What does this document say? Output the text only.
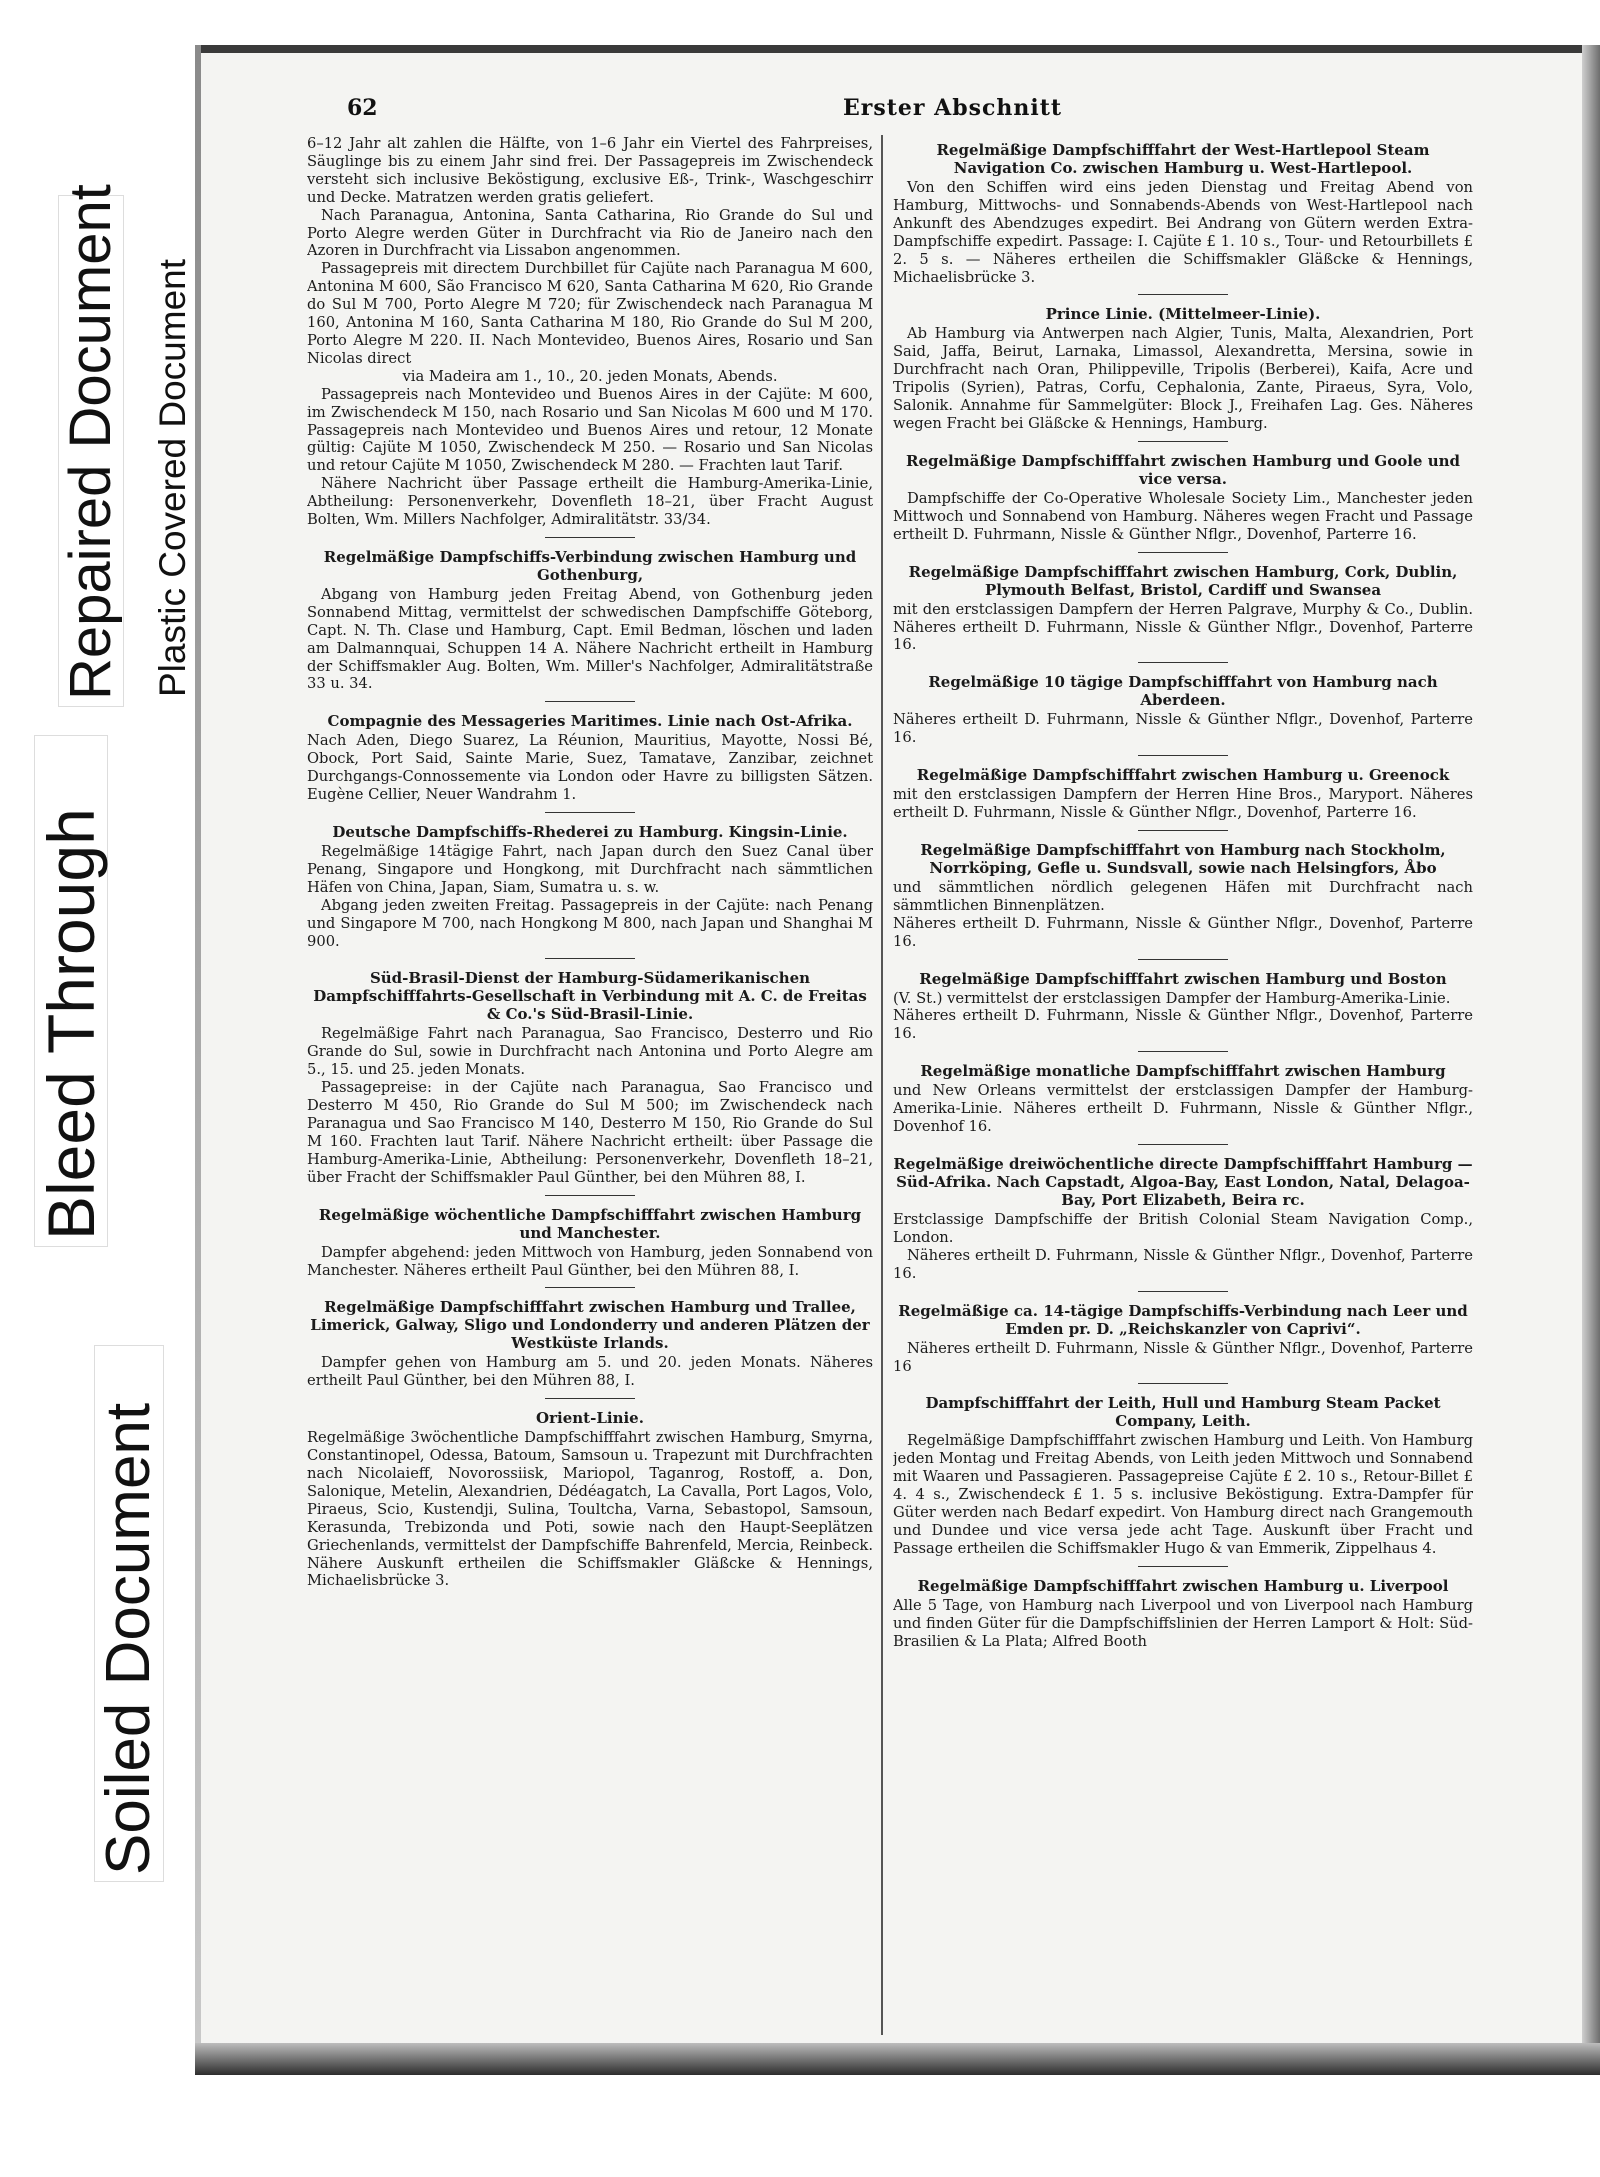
Repaired Document Plastic Covered Document
Bleed Through
Soiled Document
62	Erster Abschnitt

6–12 Jahr alt zahlen die Hälfte, von 1–6 Jahr ein Viertel des Fahrpreises, Säuglinge bis zu einem Jahr sind frei. Der Passagepreis im Zwischendeck versteht sich inclusive Beköstigung, exclusive Eß-, Trink-, Waschgeschirr und Decke. Matratzen werden gratis geliefert.

Nach Paranagua, Antonina, Santa Catharina, Rio Grande do Sul und Porto Alegre werden Güter in Durchfracht via Rio de Janeiro nach den Azoren in Durchfracht via Lissabon angenommen.

Passagepreis mit directem Durchbillet für Cajüte nach Paranagua M 600, Antonina M 600, São Francisco M 620, Santa Catharina M 620, Rio Grande do Sul M 700, Porto Alegre M 720; für Zwischendeck nach Paranagua M 160, Antonina M 160, Santa Catharina M 180, Rio Grande do Sul M 200, Porto Alegre M 220. II. Nach Montevideo, Buenos Aires, Rosario und San Nicolas direct

via Madeira am 1., 10., 20. jeden Monats, Abends.

Passagepreis nach Montevideo und Buenos Aires in der Cajüte: M 600, im Zwischendeck M 150, nach Rosario und San Nicolas M 600 und M 170. Passagepreis nach Montevideo und Buenos Aires und retour, 12 Monate gültig: Cajüte M 1050, Zwischendeck M 250. — Rosario und San Nicolas und retour Cajüte M 1050, Zwischendeck M 280. — Frachten laut Tarif.

Nähere Nachricht über Passage ertheilt die Hamburg-Amerika-Linie, Abtheilung: Personenverkehr, Dovenfleth 18–21, über Fracht August Bolten, Wm. Millers Nachfolger, Admiralitätstr. 33/34.

Regelmäßige Dampfschiffs-Verbindung zwischen Hamburg und Gothenburg,

Abgang von Hamburg jeden Freitag Abend, von Gothenburg jeden Sonnabend Mittag, vermittelst der schwedischen Dampfschiffe Göteborg, Capt. N. Th. Clase und Hamburg, Capt. Emil Bedman, löschen und laden am Dalmannquai, Schuppen 14 A. Nähere Nachricht ertheilt in Hamburg der Schiffsmakler Aug. Bolten, Wm. Miller's Nachfolger, Admiralitätstraße 33 u. 34.

Compagnie des Messageries Maritimes. Linie nach Ost-Afrika.

Nach Aden, Diego Suarez, La Réunion, Mauritius, Mayotte, Nossi Bé, Obock, Port Said, Sainte Marie, Suez, Tamatave, Zanzibar, zeichnet Durchgangs-Connossemente via London oder Havre zu billigsten Sätzen. Eugène Cellier, Neuer Wandrahm 1.

Deutsche Dampfschiffs-Rhederei zu Hamburg. Kingsin-Linie.

Regelmäßige 14tägige Fahrt, nach Japan durch den Suez Canal über Penang, Singapore und Hongkong, mit Durchfracht nach sämmtlichen Häfen von China, Japan, Siam, Sumatra u. s. w.

Abgang jeden zweiten Freitag. Passagepreis in der Cajüte: nach Penang und Singapore M 700, nach Hongkong M 800, nach Japan und Shanghai M 900.

Süd-Brasil-Dienst der Hamburg-Südamerikanischen Dampfschifffahrts-Gesellschaft in Verbindung mit A. C. de Freitas & Co.'s Süd-Brasil-Linie.

Regelmäßige Fahrt nach Paranagua, Sao Francisco, Desterro und Rio Grande do Sul, sowie in Durchfracht nach Antonina und Porto Alegre am 5., 15. und 25. jeden Monats.

Passagepreise: in der Cajüte nach Paranagua, Sao Francisco und Desterro M 450, Rio Grande do Sul M 500; im Zwischendeck nach Paranagua und Sao Francisco M 140, Desterro M 150, Rio Grande do Sul M 160. Frachten laut Tarif. Nähere Nachricht ertheilt: über Passage die Hamburg-Amerika-Linie, Abtheilung: Personenverkehr, Dovenfleth 18–21, über Fracht der Schiffsmakler Paul Günther, bei den Mühren 88, I.

Regelmäßige wöchentliche Dampfschifffahrt zwischen Hamburg und Manchester.

Dampfer abgehend: jeden Mittwoch von Hamburg, jeden Sonnabend von Manchester. Näheres ertheilt Paul Günther, bei den Mühren 88, I.

Regelmäßige Dampfschifffahrt zwischen Hamburg und Trallee, Limerick, Galway, Sligo und Londonderry und anderen Plätzen der Westküste Irlands.

Dampfer gehen von Hamburg am 5. und 20. jeden Monats. Näheres ertheilt Paul Günther, bei den Mühren 88, I.

Orient-Linie.

Regelmäßige 3wöchentliche Dampfschifffahrt zwischen Hamburg, Smyrna, Constantinopel, Odessa, Batoum, Samsoun u. Trapezunt mit Durchfrachten nach Nicolaieff, Novorossiisk, Mariopol, Taganrog, Rostoff, a. Don, Salonique, Metelin, Alexandrien, Dédéagatch, La Cavalla, Port Lagos, Volo, Piraeus, Scio, Kustendji, Sulina, Toultcha, Varna, Sebastopol, Samsoun, Kerasunda, Trebizonda und Poti, sowie nach den Haupt-Seeplätzen Griechenlands, vermittelst der Dampfschiffe Bahrenfeld, Mercia, Reinbeck. Nähere Auskunft ertheilen die Schiffsmakler Gläßcke & Hennings, Michaelisbrücke 3.

Regelmäßige Dampfschifffahrt der West-Hartlepool Steam Navigation Co. zwischen Hamburg u. West-Hartlepool.

Von den Schiffen wird eins jeden Dienstag und Freitag Abend von Hamburg, Mittwochs- und Sonnabends-Abends von West-Hartlepool nach Ankunft des Abendzuges expedirt. Bei Andrang von Gütern werden Extra-Dampfschiffe expedirt. Passage: I. Cajüte £ 1. 10 s., Tour- und Retourbillets £ 2. 5 s. — Näheres ertheilen die Schiffsmakler Gläßcke & Hennings, Michaelisbrücke 3.

Prince Linie. (Mittelmeer-Linie).

Ab Hamburg via Antwerpen nach Algier, Tunis, Malta, Alexandrien, Port Said, Jaffa, Beirut, Larnaka, Limassol, Alexandretta, Mersina, sowie in Durchfracht nach Oran, Philippeville, Tripolis (Berberei), Kaifa, Acre und Tripolis (Syrien), Patras, Corfu, Cephalonia, Zante, Piraeus, Syra, Volo, Salonik. Annahme für Sammelgüter: Block J., Freihafen Lag. Ges. Näheres wegen Fracht bei Gläßcke & Hennings, Hamburg.

Regelmäßige Dampfschifffahrt zwischen Hamburg und Goole und vice versa.

Dampfschiffe der Co-Operative Wholesale Society Lim., Manchester jeden Mittwoch und Sonnabend von Hamburg. Näheres wegen Fracht und Passage ertheilt D. Fuhrmann, Nissle & Günther Nflgr., Dovenhof, Parterre 16.

Regelmäßige Dampfschifffahrt zwischen Hamburg, Cork, Dublin, Plymouth Belfast, Bristol, Cardiff und Swansea

mit den erstclassigen Dampfern der Herren Palgrave, Murphy & Co., Dublin. Näheres ertheilt D. Fuhrmann, Nissle & Günther Nflgr., Dovenhof, Parterre 16.

Regelmäßige 10 tägige Dampfschifffahrt von Hamburg nach Aberdeen.

Näheres ertheilt D. Fuhrmann, Nissle & Günther Nflgr., Dovenhof, Parterre 16.

Regelmäßige Dampfschifffahrt zwischen Hamburg u. Greenock

mit den erstclassigen Dampfern der Herren Hine Bros., Maryport. Näheres ertheilt D. Fuhrmann, Nissle & Günther Nflgr., Dovenhof, Parterre 16.

Regelmäßige Dampfschifffahrt von Hamburg nach Stockholm, Norrköping, Gefle u. Sundsvall, sowie nach Helsingfors, Åbo

und sämmtlichen nördlich gelegenen Häfen mit Durchfracht nach sämmtlichen Binnenplätzen.

Näheres ertheilt D. Fuhrmann, Nissle & Günther Nflgr., Dovenhof, Parterre 16.

Regelmäßige Dampfschifffahrt zwischen Hamburg und Boston

(V. St.) vermittelst der erstclassigen Dampfer der Hamburg-Amerika-Linie.

Näheres ertheilt D. Fuhrmann, Nissle & Günther Nflgr., Dovenhof, Parterre 16.

Regelmäßige monatliche Dampfschifffahrt zwischen Hamburg

und New Orleans vermittelst der erstclassigen Dampfer der Hamburg-Amerika-Linie. Näheres ertheilt D. Fuhrmann, Nissle & Günther Nflgr., Dovenhof 16.

Regelmäßige dreiwöchentliche directe Dampfschifffahrt Hamburg — Süd-Afrika. Nach Capstadt, Algoa-Bay, East London, Natal, Delagoa-Bay, Port Elizabeth, Beira rc.

Erstclassige Dampfschiffe der British Colonial Steam Navigation Comp., London.

Näheres ertheilt D. Fuhrmann, Nissle & Günther Nflgr., Dovenhof, Parterre 16.

Regelmäßige ca. 14-tägige Dampfschiffs-Verbindung nach Leer und Emden pr. D. „Reichskanzler von Caprivi“.

Näheres ertheilt D. Fuhrmann, Nissle & Günther Nflgr., Dovenhof, Parterre 16

Dampfschifffahrt der Leith, Hull und Hamburg Steam Packet Company, Leith.

Regelmäßige Dampfschifffahrt zwischen Hamburg und Leith. Von Hamburg jeden Montag und Freitag Abends, von Leith jeden Mittwoch und Sonnabend mit Waaren und Passagieren. Passagepreise Cajüte £ 2. 10 s., Retour-Billet £ 4. 4 s., Zwischendeck £ 1. 5 s. inclusive Beköstigung. Extra-Dampfer für Güter werden nach Bedarf expedirt. Von Hamburg direct nach Grangemouth und Dundee und vice versa jede acht Tage. Auskunft über Fracht und Passage ertheilen die Schiffsmakler Hugo & van Emmerik, Zippelhaus 4.

Regelmäßige Dampfschifffahrt zwischen Hamburg u. Liverpool

Alle 5 Tage, von Hamburg nach Liverpool und von Liverpool nach Hamburg und finden Güter für die Dampfschiffslinien der Herren Lamport & Holt: Süd-Brasilien & La Plata; Alfred Booth
